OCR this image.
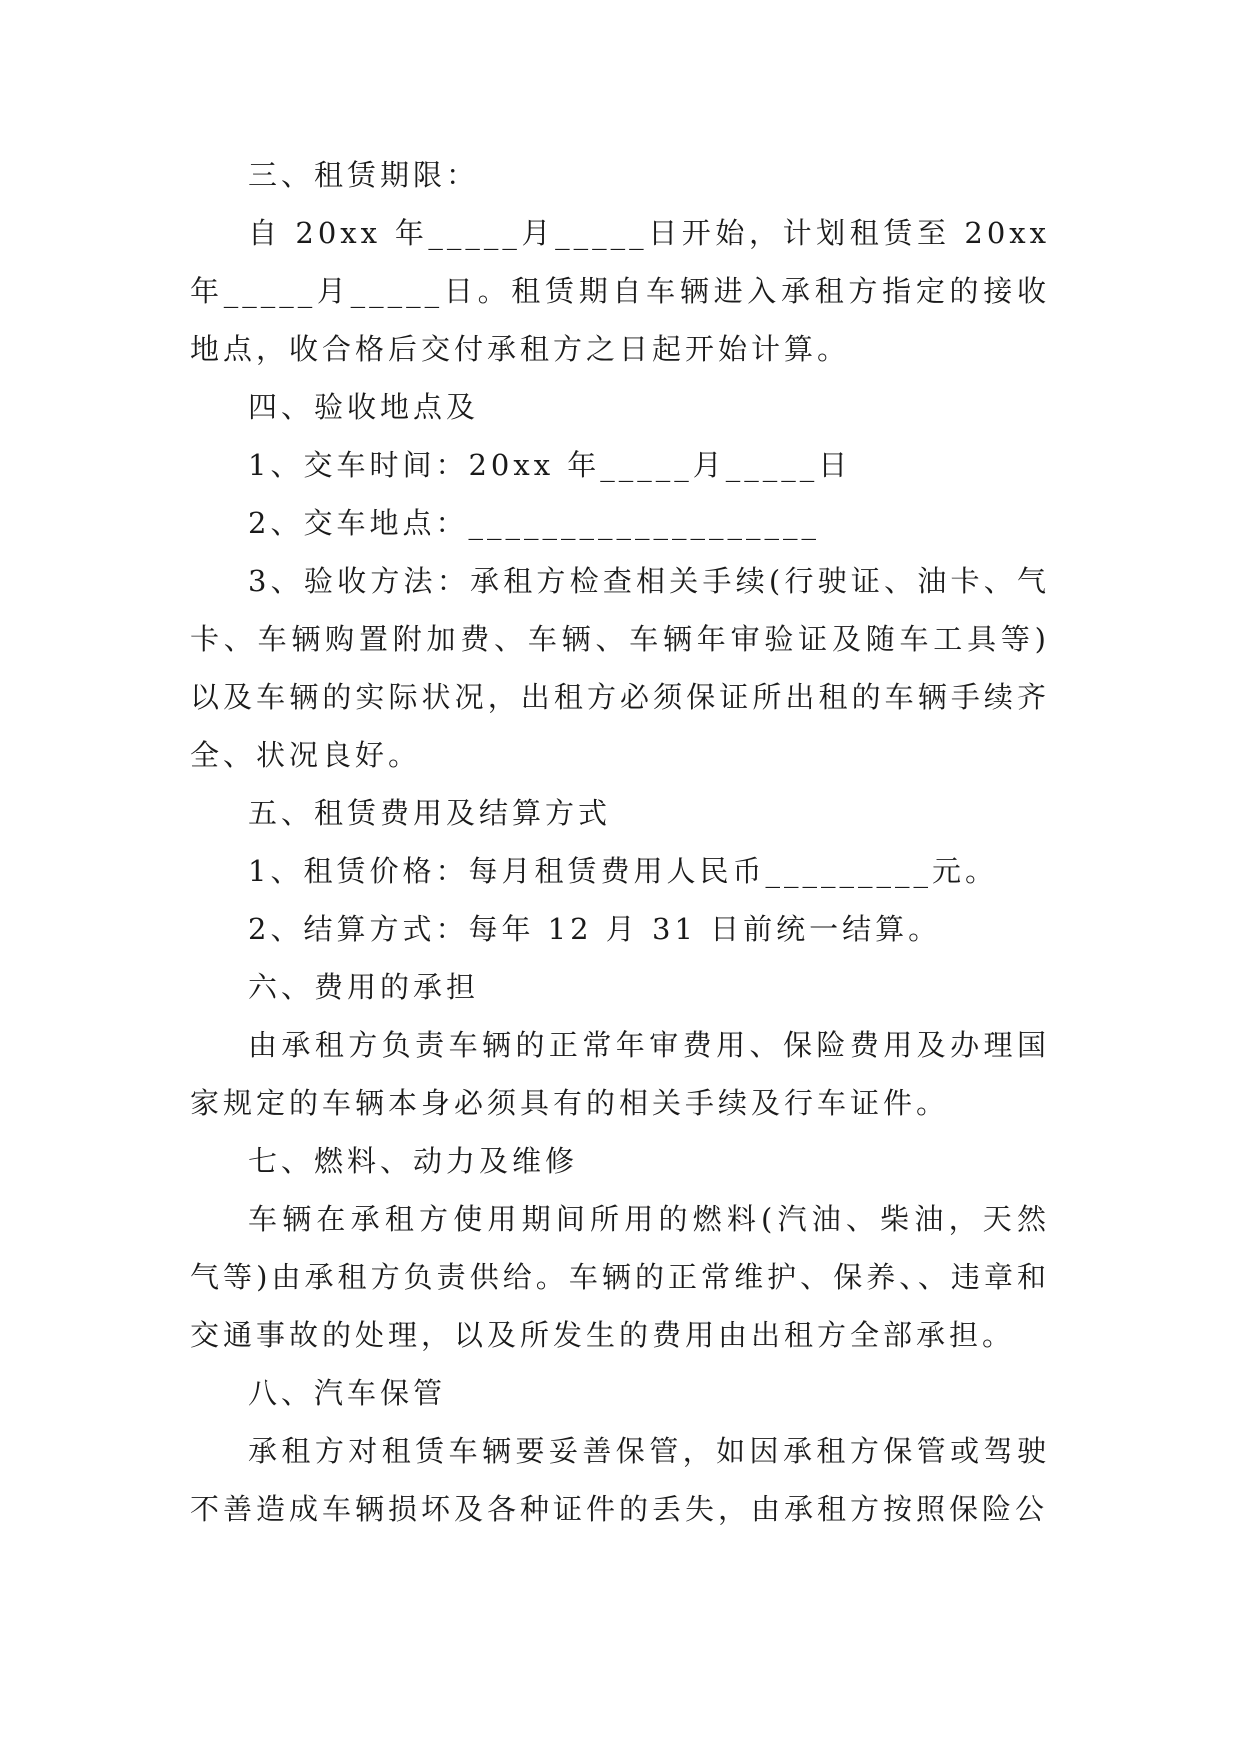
三、租赁期限：

自 20xx 年_____月_____日开始，计划租赁至 20xx 年_____月_____日。租赁期自车辆进入承租方指定的接收地点，收合格后交付承租方之日起开始计算。

四、验收地点及

1、交车时间：20xx 年_____月_____日

2、交车地点：___________________

3、验收方法：承租方检查相关手续(行驶证、油卡、气卡、车辆购置附加费、车辆、车辆年审验证及随车工具等)以及车辆的实际状况，出租方必须保证所出租的车辆手续齐全、状况良好。

五、租赁费用及结算方式

1、租赁价格：每月租赁费用人民币_________元。

2、结算方式：每年 12 月 31 日前统一结算。

六、费用的承担

由承租方负责车辆的正常年审费用、保险费用及办理国家规定的车辆本身必须具有的相关手续及行车证件。

七、燃料、动力及维修

车辆在承租方使用期间所用的燃料(汽油、柴油，天然气等)由承租方负责供给。车辆的正常维护、保养、、违章和交通事故的处理，以及所发生的费用由出租方全部承担。

八、汽车保管

承租方对租赁车辆要妥善保管，如因承租方保管或驾驶不善造成车辆损坏及各种证件的丢失，由承租方按照保险公
